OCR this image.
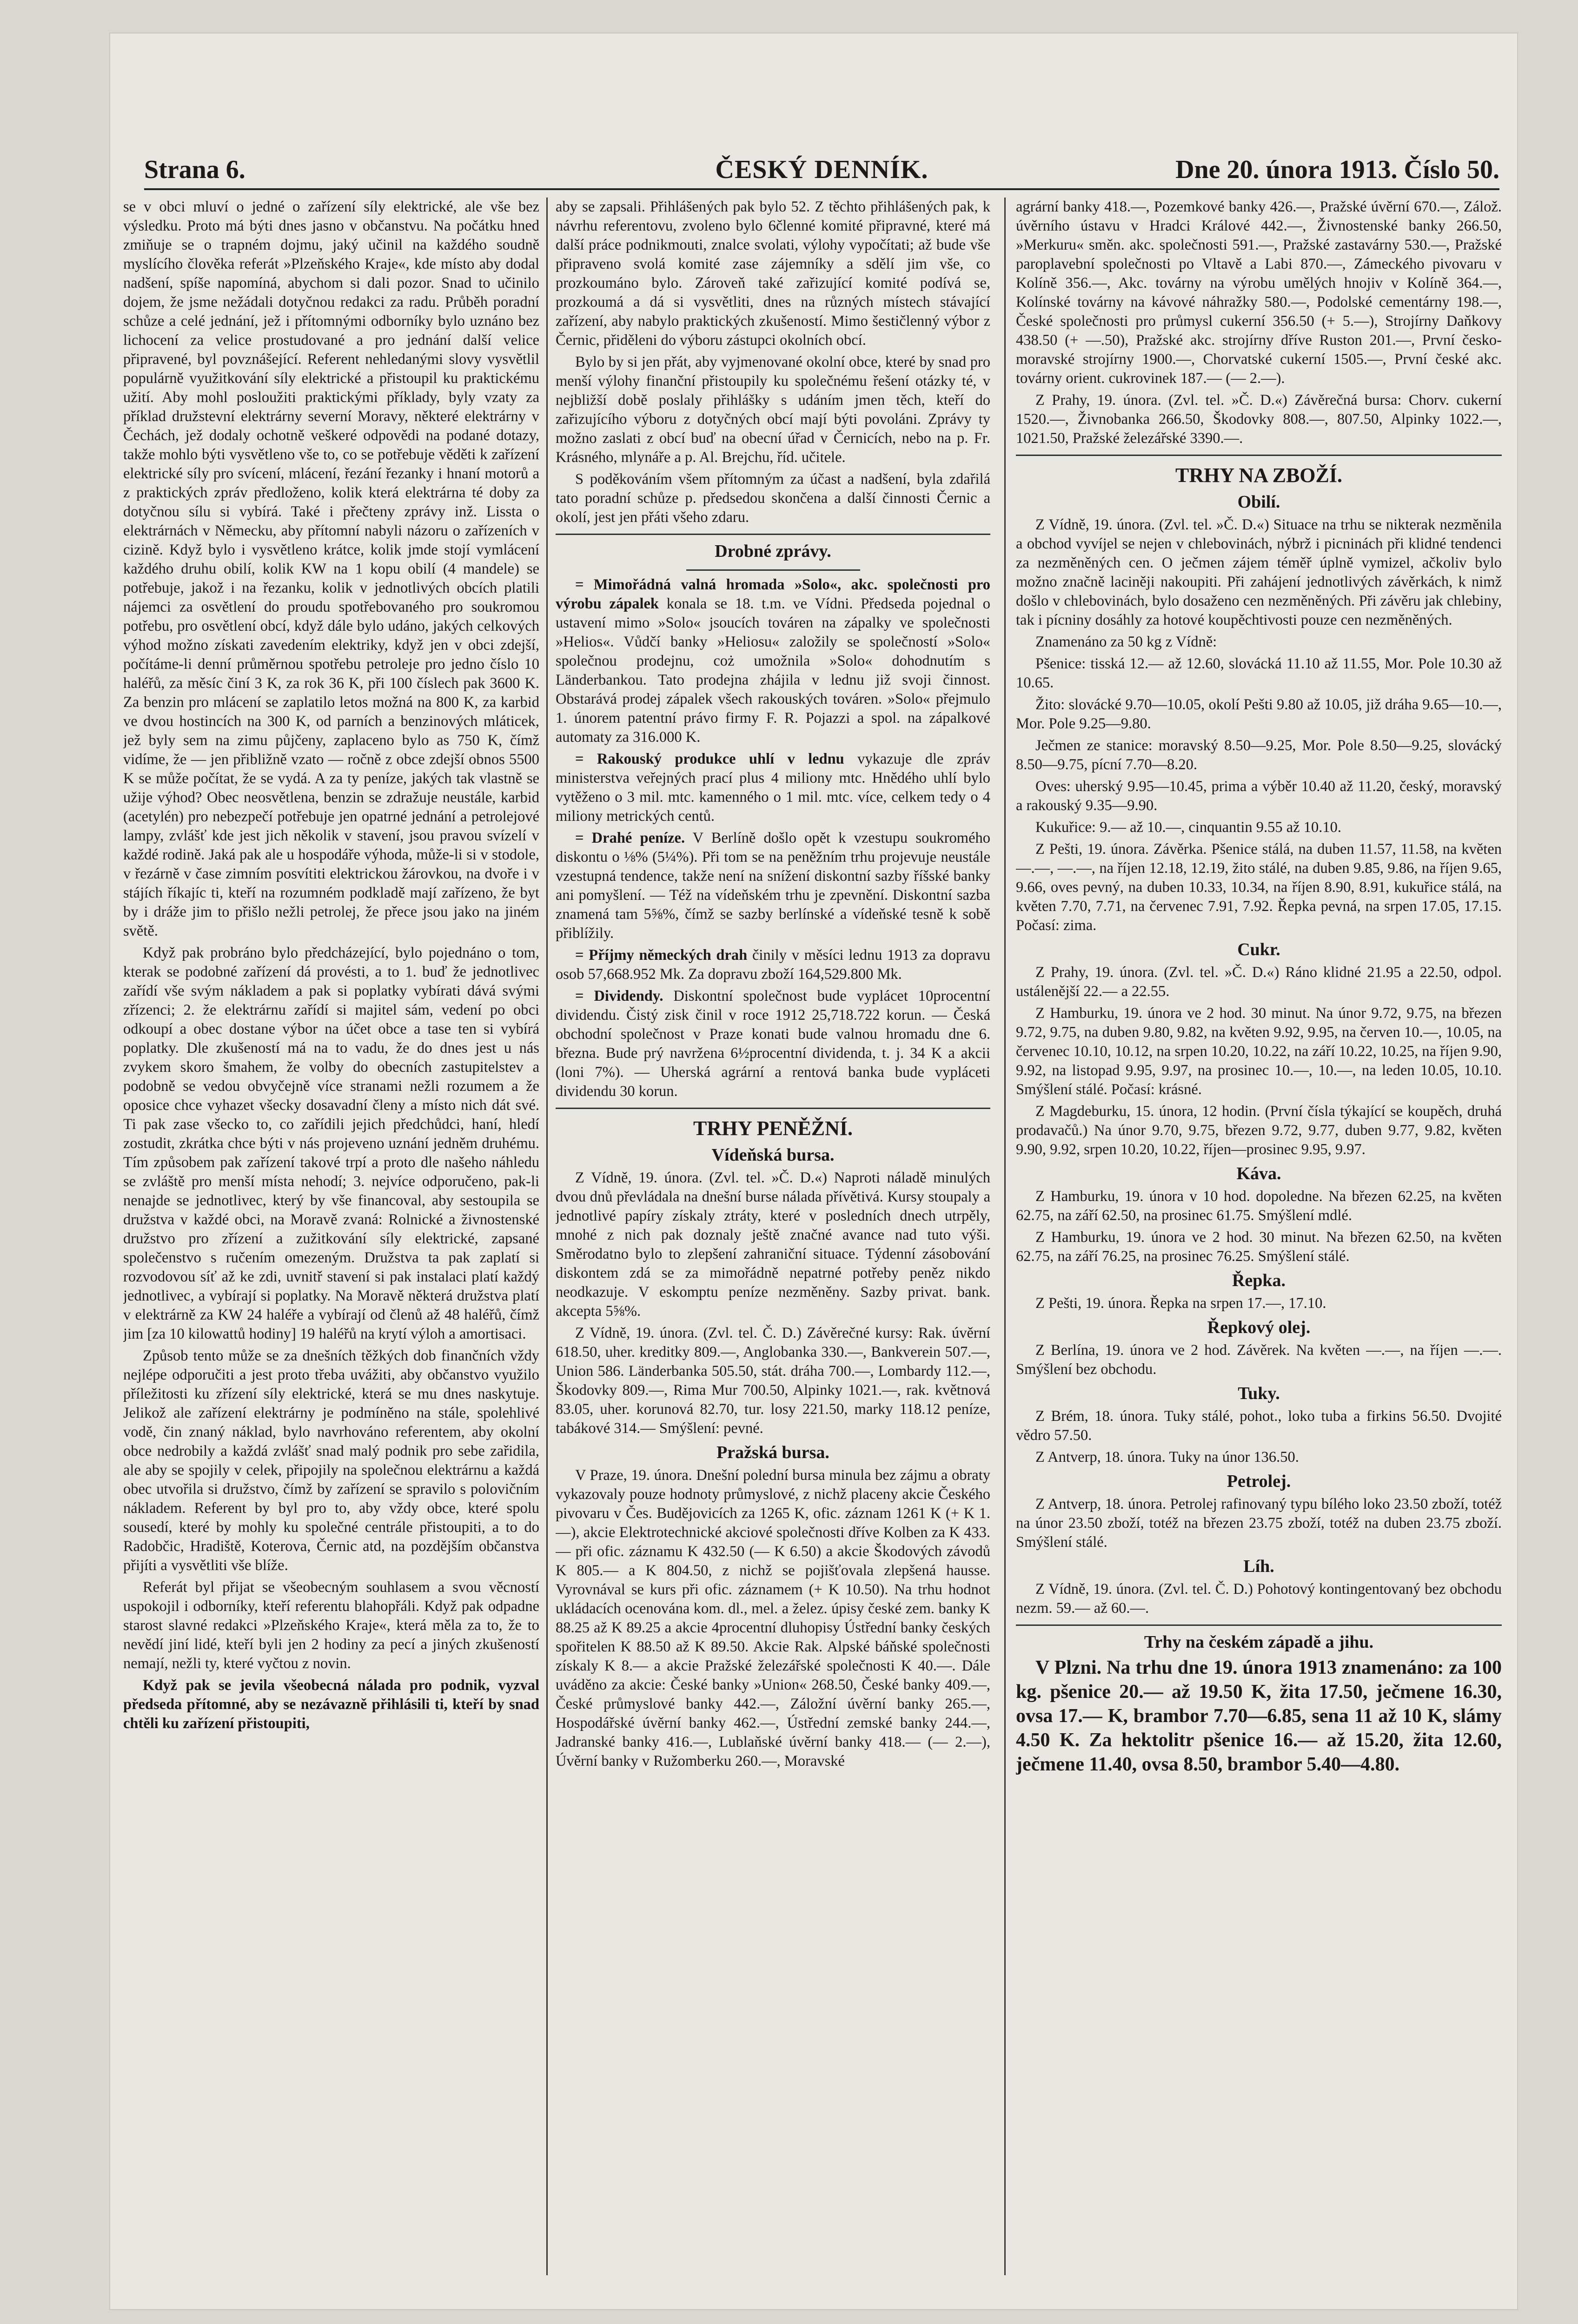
Strana 6.	ČESKÝ DENNÍK.	Dne 20. února 1913. Číslo 50.

se v obci mluví o jedné o zařízení síly elektrické, ale vše bez výsledku. Proto má býti dnes jasno v občanstvu. Na počátku hned zmiňuje se o trapném dojmu, jaký učinil na každého soudně myslícího člověka referát »Plzeňského Kraje«, kde místo aby dodal nadšení, spíše napomíná, abychom si dali pozor. Snad to učinilo dojem, že jsme nežádali dotyčnou redakci za radu. Průběh poradní schůze a celé jednání, jež i přítomnými odborníky bylo uznáno bez lichocení za velice prostudované a pro jednání další velice připravené, byl povznášející. Referent nehledanými slovy vysvětlil populárně využitkování síly elektrické a přistoupil ku praktickému užití. Aby mohl posloužiti praktickými příklady, byly vzaty za příklad družstevní elektrárny severní Moravy, některé elektrárny v Čechách, jež dodaly ochotně veškeré odpovědi na podané dotazy, takže mohlo býti vysvětleno vše to, co se potřebuje věděti k zařízení elektrické síly pro svícení, mlácení, řezání řezanky i hnaní motorů a z praktických zpráv předloženo, kolik která elektrárna té doby za dotyčnou sílu si vybírá. Také i přečteny zprávy inž. Lissta o elektrárnách v Německu, aby přítomní nabyli názoru o zařízeních v cizině. Když bylo i vysvětleno krátce, kolik jmde stojí vymlácení každého druhu obilí, kolik KW na 1 kopu obilí (4 mandele) se potřebuje, jakož i na řezanku, kolik v jednotlivých obcích platili nájemci za osvětlení do proudu spotřebovaného pro soukromou potřebu, pro osvětlení obcí, když dále bylo udáno, jakých celkových výhod možno získati zavedením elektriky, když jen v obci zdejší, počítáme-li denní průměrnou spotřebu petroleje pro jedno číslo 10 haléřů, za měsíc činí 3 K, za rok 36 K, při 100 číslech pak 3600 K. Za benzin pro mlácení se zaplatilo letos možná na 800 K, za karbid ve dvou hostincích na 300 K, od parních a benzinových mláticek, jež byly sem na zimu půjčeny, zaplaceno bylo as 750 K, čímž vidíme, že — jen přibližně vzato — ročně z obce zdejší obnos 5500 K se může počítat, že se vydá. A za ty peníze, jakých tak vlastně se užije výhod? Obec neosvětlena, benzin se zdražuje neustále, karbid (acetylén) pro nebezpečí potřebuje jen opatrné jednání a petrolejové lampy, zvlášť kde jest jich několik v stavení, jsou pravou svízelí v každé rodině. Jaká pak ale u hospodáře výhoda, může-li si v stodole, v řezárně v čase zimním posvítiti elektrickou žárovkou, na dvoře i v stájích říkajíc ti, kteří na rozumném podkladě mají zařízeno, že byt by i dráže jim to přišlo nežli petrolej, že přece jsou jako na jiném světě.

Když pak probráno bylo předcházející, bylo pojednáno o tom, kterak se podobné zařízení dá provésti, a to 1. buď že jednotlivec zařídí vše svým nákladem a pak si poplatky vybírati dává svými zřízenci; 2. že elektrárnu zařídí si majitel sám, vedení po obci odkoupí a obec dostane výbor na účet obce a tase ten si vybírá poplatky. Dle zkušeností má na to vadu, že do dnes jest u nás zvykem skoro šmahem, že volby do obecních zastupitelstev a podobně se vedou obvyčejně více stranami nežli rozumem a že oposice chce vyhazet všecky dosavadní členy a místo nich dát své. Ti pak zase všecko to, co zařídili jejich předchůdci, haní, hledí zostudit, zkrátka chce býti v nás projeveno uznání jedněm druhému. Tím způsobem pak zařízení takové trpí a proto dle našeho náhledu se zvláště pro menší místa nehodí; 3. nejvíce odporučeno, pak-li nenajde se jednotlivec, který by vše financoval, aby sestoupila se družstva v každé obci, na Moravě zvaná: Rolnické a živnostenské družstvo pro zřízení a zužitkování síly elektrické, zapsané společenstvo s ručením omezeným. Družstva ta pak zaplatí si rozvodovou síť až ke zdi, uvnitř stavení si pak instalaci platí každý jednotlivec, a vybírají si poplatky. Na Moravě některá družstva platí v elektrárně za KW 24 haléře a vybírají od členů až 48 haléřů, čímž jim [za 10 kilowattů hodiny] 19 haléřů na krytí výloh a amortisaci.

Způsob tento může se za dnešních těžkých dob finančních vždy nejlépe odporučiti a jest proto třeba uvážiti, aby občanstvo využilo příležitosti ku zřízení síly elektrické, která se mu dnes naskytuje. Jelikož ale zařízení elektrárny je podmíněno na stále, spolehlivé vodě, čin znaný náklad, bylo navrhováno referentem, aby okolní obce nedrobily a každá zvlášť snad malý podnik pro sebe zařidila, ale aby se spojily v celek, připojily na společnou elektrárnu a každá obec utvořila si družstvo, čímž by zařízení se spravilo s polovičním nákladem. Referent by byl pro to, aby vždy obce, které spolu sousedí, které by mohly ku společné centrále přistoupiti, a to do Radobčic, Hradiště, Koterova, Černic atd, na pozdějším občanstva přijíti a vysvětliti vše blíže.

Referát byl přijat se všeobecným souhlasem a svou věcností uspokojil i odborníky, kteří referentu blahopřáli. Když pak odpadne starost slavné redakci »Plzeňského Kraje«, která měla za to, že to nevědí jiní lidé, kteří byli jen 2 hodiny za pecí a jiných zkušeností nemají, nežli ty, které vyčtou z novin.

Když pak se jevila všeobecná nálada pro podnik, vyzval předseda přítomné, aby se nezávazně přihlásili ti, kteří by snad chtěli ku zařízení přistoupiti,

aby se zapsali. Přihlášených pak bylo 52. Z těchto přihlášených pak, k návrhu referentovu, zvoleno bylo 6členné komité připravné, které má další práce podnikmouti, znalce svolati, výlohy vypočítati; až bude vše připraveno svolá komité zase zájemníky a sdělí jim vše, co prozkoumáno bylo. Zároveň také zařizující komité podívá se, prozkoumá a dá si vysvětliti, dnes na různých místech stávající zařízení, aby nabylo praktických zkušeností. Mimo šestičlenný výbor z Černic, přiděleni do výboru zástupci okolních obcí.

Bylo by si jen přát, aby vyjmenované okolní obce, které by snad pro menší výlohy finanční přistoupily ku společnému řešení otázky té, v nejbližší době poslaly přihlášky s udáním jmen těch, kteří do zařizujícího výboru z dotyčných obcí mají býti povoláni. Zprávy ty možno zaslati z obcí buď na obecní úřad v Černicích, nebo na p. Fr. Krásného, mlynáře a p. Al. Brejchu, říd. učitele.

S poděkováním všem přítomným za účast a nadšení, byla zdařilá tato poradní schůze p. předsedou skončena a další činnosti Černic a okolí, jest jen přáti všeho zdaru.

Drobné zprávy.

= Mimořádná valná hromada »Solo«, akc. společnosti pro výrobu zápalek konala se 18. t.m. ve Vídni. Předseda pojednal o ustavení mimo »Solo« jsoucích továren na zápalky ve společnosti »Helios«. Vůdčí banky »Heliosu« založily se společností »Solo« společnou prodejnu, coż umožnila »Solo« dohodnutím s Länderbankou. Tato prodejna zhájila v lednu již svoji činnost. Obstarává prodej zápalek všech rakouských továren. »Solo« přejmulo 1. únorem patentní právo firmy F. R. Pojazzi a spol. na zápalkové automaty za 316.000 K.

= Rakouský produkce uhlí v lednu vykazuje dle zpráv ministerstva veřejných prací plus 4 miliony mtc. Hnědého uhlí bylo vytěženo o 3 mil. mtc. kamenného o 1 mil. mtc. více, celkem tedy o 4 miliony metrických centů.

= Drahé peníze. V Berlíně došlo opět k vzestupu soukromého diskontu o ⅛% (5¼%). Při tom se na peněžním trhu projevuje neustále vzestupná tendence, takže není na snížení diskontní sazby říšské banky ani pomyšlení. — Též na vídeňském trhu je zpevnění. Diskontní sazba znamená tam 5⅝%, čímž se sazby berlínské a vídeňské tesně k sobě přiblížily.

= Příjmy německých drah činily v měsíci lednu 1913 za dopravu osob 57,668.952 Mk. Za dopravu zboží 164,529.800 Mk.

= Dividendy. Diskontní společnost bude vyplácet 10procentní dividendu. Čistý zisk činil v roce 1912 25,718.722 korun. — Česká obchodní společnost v Praze konati bude valnou hromadu dne 6. března. Bude prý navržena 6½procentní dividenda, t. j. 34 K a akcii (loni 7%). — Uherská agrární a rentová banka bude vypláceti dividendu 30 korun.

TRHY PENĚŽNÍ.
Vídeňská bursa.

Z Vídně, 19. února. (Zvl. tel. »Č. D.«) Naproti náladě minulých dvou dnů převládala na dnešní burse nálada přívětivá. Kursy stoupaly a jednotlivé papíry získaly ztráty, které v posledních dnech utrpěly, mnohé z nich pak doznaly ještě značné avance nad tuto výši. Směrodatno bylo to zlepšení zahraniční situace. Týdenní zásobování diskontem zdá se za mimořádně nepatrné potřeby peněz nikdo neodkazuje. V eskomptu peníze nezměněny. Sazby privat. bank. akcepta 5⅝%.

Z Vídně, 19. února. (Zvl. tel. Č. D.) Závěrečné kursy: Rak. úvěrní 618.50, uher. kreditky 809.—, Anglobanka 330.—, Bankverein 507.—, Union 586. Länderbanka 505.50, stát. dráha 700.—, Lombardy 112.—, Škodovky 809.—, Rima Mur 700.50, Alpinky 1021.—, rak. květnová 83.05, uher. korunová 82.70, tur. losy 221.50, marky 118.12 peníze, tabákové 314.— Smýšlení: pevné.

Pražská bursa.

V Praze, 19. února. Dnešní polední bursa minula bez zájmu a obraty vykazovaly pouze hodnoty průmyslové, z nichž placeny akcie Českého pivovaru v Čes. Budějovicích za 1265 K, ofic. záznam 1261 K (+ K 1.—), akcie Elektrotechnické akciové společnosti dříve Kolben za K 433.— při ofic. záznamu K 432.50 (— K 6.50) a akcie Škodových závodů K 805.— a K 804.50, z nichž se pojišťovala zlepšená hausse. Vyrovnával se kurs při ofic. záznamem (+ K 10.50). Na trhu hodnot ukládacích ocenována kom. dl., mel. a želez. úpisy české zem. banky K 88.25 až K 89.25 a akcie 4procentní dluhopisy Ústřední banky českých spořitelen K 88.50 až K 89.50. Akcie Rak. Alpské báňské společnosti získaly K 8.— a akcie Pražské železářské společnosti K 40.—. Dále uváděno za akcie: České banky »Union« 268.50, České banky 409.—, České průmyslové banky 442.—, Záložní úvěrní banky 265.—, Hospodářské úvěrní banky 462.—, Ústřední zemské banky 244.—, Jadranské banky 416.—, Lublaňské úvěrní banky 418.— (— 2.—), Úvěrní banky v Ružomberku 260.—, Moravské

agrární banky 418.—, Pozemkové banky 426.—, Pražské úvěrní 670.—, Zálož. úvěrního ústavu v Hradci Králové 442.—, Živnostenské banky 266.50, »Merkuru« směn. akc. společnosti 591.—, Pražské zastavárny 530.—, Pražské paroplavební společnosti po Vltavě a Labi 870.—, Zámeckého pivovaru v Kolíně 356.—, Akc. továrny na výrobu umělých hnojiv v Kolíně 364.—, Kolínské továrny na kávové náhražky 580.—, Podolské cementárny 198.—, České společnosti pro průmysl cukerní 356.50 (+ 5.—), Strojírny Daňkovy 438.50 (+ —.50), Pražské akc. strojírny dříve Ruston 201.—, První česko-moravské strojírny 1900.—, Chorvatské cukerní 1505.—, První české akc. továrny orient. cukrovinek 187.— (— 2.—).

Z Prahy, 19. února. (Zvl. tel. »Č. D.«) Závěrečná bursa: Chorv. cukerní 1520.—, Živnobanka 266.50, Škodovky 808.—, 807.50, Alpinky 1022.—, 1021.50, Pražské železářské 3390.—.

TRHY NA ZBOŽÍ.
Obilí.

Z Vídně, 19. února. (Zvl. tel. »Č. D.«) Situace na trhu se nikterak nezměnila a obchod vyvíjel se nejen v chlebovinách, nýbrž i picninách při klidné tendenci za nezměněných cen. O ječmen zájem téměř úplně vymizel, ačkoliv bylo možno značně laciněji nakoupiti. Při zahájení jednotlivých závěrkách, k nimž došlo v chlebovinách, bylo dosaženo cen nezměněných. Při závěru jak chlebiny, tak i pícniny dosáhly za hotové koupěchtivosti pouze cen nezměněných.

Znamenáno za 50 kg z Vídně:

Pšenice: tisská 12.— až 12.60, slovácká 11.10 až 11.55, Mor. Pole 10.30 až 10.65.

Žito: slovácké 9.70—10.05, okolí Pešti 9.80 až 10.05, již dráha 9.65—10.—, Mor. Pole 9.25—9.80.

Ječmen ze stanice: moravský 8.50—9.25, Mor. Pole 8.50—9.25, slovácký 8.50—9.75, pícní 7.70—8.20.

Oves: uherský 9.95—10.45, prima a výběr 10.40 až 11.20, český, moravský a rakouský 9.35—9.90.

Kukuřice: 9.— až 10.—, cinquantin 9.55 až 10.10.

Z Pešti, 19. února. Závěrka. Pšenice stálá, na duben 11.57, 11.58, na květen —.—, —.—, na říjen 12.18, 12.19, žito stálé, na duben 9.85, 9.86, na říjen 9.65, 9.66, oves pevný, na duben 10.33, 10.34, na říjen 8.90, 8.91, kukuřice stálá, na květen 7.70, 7.71, na červenec 7.91, 7.92. Řepka pevná, na srpen 17.05, 17.15. Počasí: zima.

Cukr.

Z Prahy, 19. února. (Zvl. tel. »Č. D.«) Ráno klidné 21.95 a 22.50, odpol. ustálenější 22.— a 22.55.

Z Hamburku, 19. února ve 2 hod. 30 minut. Na únor 9.72, 9.75, na březen 9.72, 9.75, na duben 9.80, 9.82, na květen 9.92, 9.95, na červen 10.—, 10.05, na červenec 10.10, 10.12, na srpen 10.20, 10.22, na září 10.22, 10.25, na říjen 9.90, 9.92, na listopad 9.95, 9.97, na prosinec 10.—, 10.—, na leden 10.05, 10.10. Smýšlení stálé. Počasí: krásné.

Z Magdeburku, 15. února, 12 hodin. (První čísla týkající se koupěch, druhá prodavačů.) Na únor 9.70, 9.75, březen 9.72, 9.77, duben 9.77, 9.82, květen 9.90, 9.92, srpen 10.20, 10.22, říjen—prosinec 9.95, 9.97.

Káva.

Z Hamburku, 19. února v 10 hod. dopoledne. Na březen 62.25, na květen 62.75, na září 62.50, na prosinec 61.75. Smýšlení mdlé.

Z Hamburku, 19. února ve 2 hod. 30 minut. Na březen 62.50, na květen 62.75, na září 76.25, na prosinec 76.25. Smýšlení stálé.

Řepka.

Z Pešti, 19. února. Řepka na srpen 17.—, 17.10.

Řepkový olej.

Z Berlína, 19. února ve 2 hod. Závěrek. Na květen —.—, na říjen —.—. Smýšlení bez obchodu.

Tuky.

Z Brém, 18. února. Tuky stálé, pohot., loko tuba a firkins 56.50. Dvojité vědro 57.50.

Z Antverp, 18. února. Tuky na únor 136.50.

Petrolej.

Z Antverp, 18. února. Petrolej rafinovaný typu bílého loko 23.50 zboží, totéž na únor 23.50 zboží, totéž na březen 23.75 zboží, totéž na duben 23.75 zboží. Smýšlení stálé.

Líh.

Z Vídně, 19. února. (Zvl. tel. Č. D.) Pohotový kontingentovaný bez obchodu nezm. 59.— až 60.—.

Trhy na českém západě a jihu.

V Plzni. Na trhu dne 19. února 1913 znamenáno: za 100 kg. pšenice 20.— až 19.50 K, žita 17.50, ječmene 16.30, ovsa 17.— K, brambor 7.70—6.85, sena 11 až 10 K, slámy 4.50 K. Za hektolitr pšenice 16.— až 15.20, žita 12.60, ječmene 11.40, ovsa 8.50, brambor 5.40—4.80.
